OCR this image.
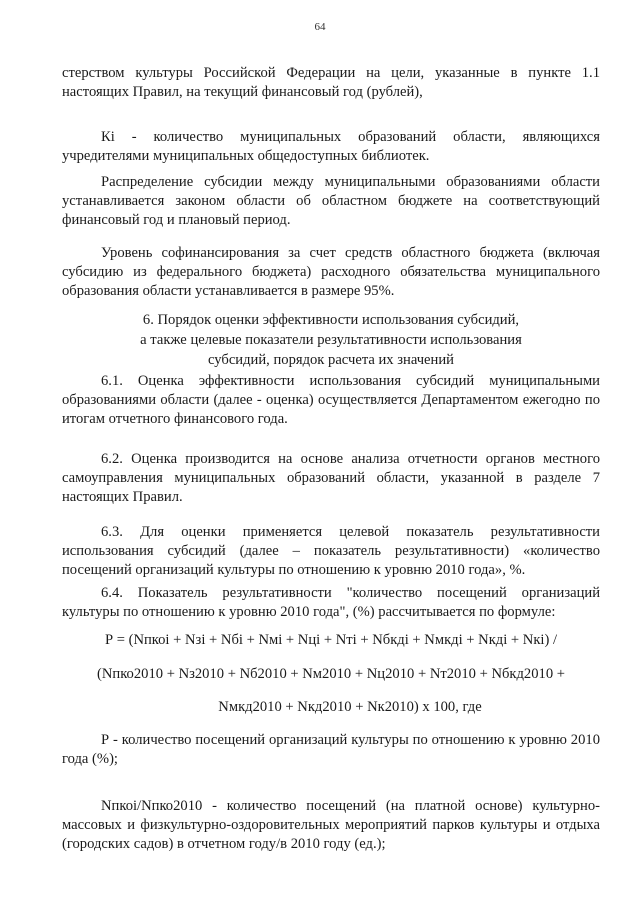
64
стерством культуры Российской Федерации на цели, указанные в пункте 1.1 настоящих Правил, на текущий финансовый год (рублей),
Кі - количество муниципальных образований области, являющихся учредителями муниципальных общедоступных библиотек.
Распределение субсидии между муниципальными образованиями области устанавливается законом области об областном бюджете на соответствующий финансовый год и плановый период.
Уровень софинансирования за счет средств областного бюджета (включая субсидию из федерального бюджета) расходного обязательства муниципального образования области устанавливается в размере 95%.
6. Порядок оценки эффективности использования субсидий,
а также целевые показатели результативности использования
субсидий, порядок расчета их значений
6.1. Оценка эффективности использования субсидий муниципальными образованиями области (далее - оценка) осуществляется Департаментом ежегодно по итогам отчетного финансового года.
6.2. Оценка производится на основе анализа отчетности органов местного самоуправления муниципальных образований области, указанной в разделе 7 настоящих Правил.
6.3. Для оценки применяется целевой показатель результативности использования субсидий (далее – показатель результативности) «количество посещений организаций культуры по отношению к уровню 2010 года», %.
6.4. Показатель результативности "количество посещений организаций культуры по отношению к уровню 2010 года", (%) рассчитывается по формуле:
Р = (Nпкоі + Nзі + Nбі + Nмі + Nці + Nті + Nбкді + Nмкді + Nкді + Nкі) /
(Nпко2010 + Nз2010 + Nб2010 + Nм2010 + Nц2010 + Nт2010 + Nбкд2010 +
Nмкд2010 + Nкд2010 + Nк2010) х 100, где
Р - количество посещений организаций культуры по отношению к уровню 2010 года (%);
Nпкоі/Nпко2010 - количество посещений (на платной основе) культурно-массовых и физкультурно-оздоровительных мероприятий парков культуры и отдыха (городских садов) в отчетном году/в 2010 году (ед.);
